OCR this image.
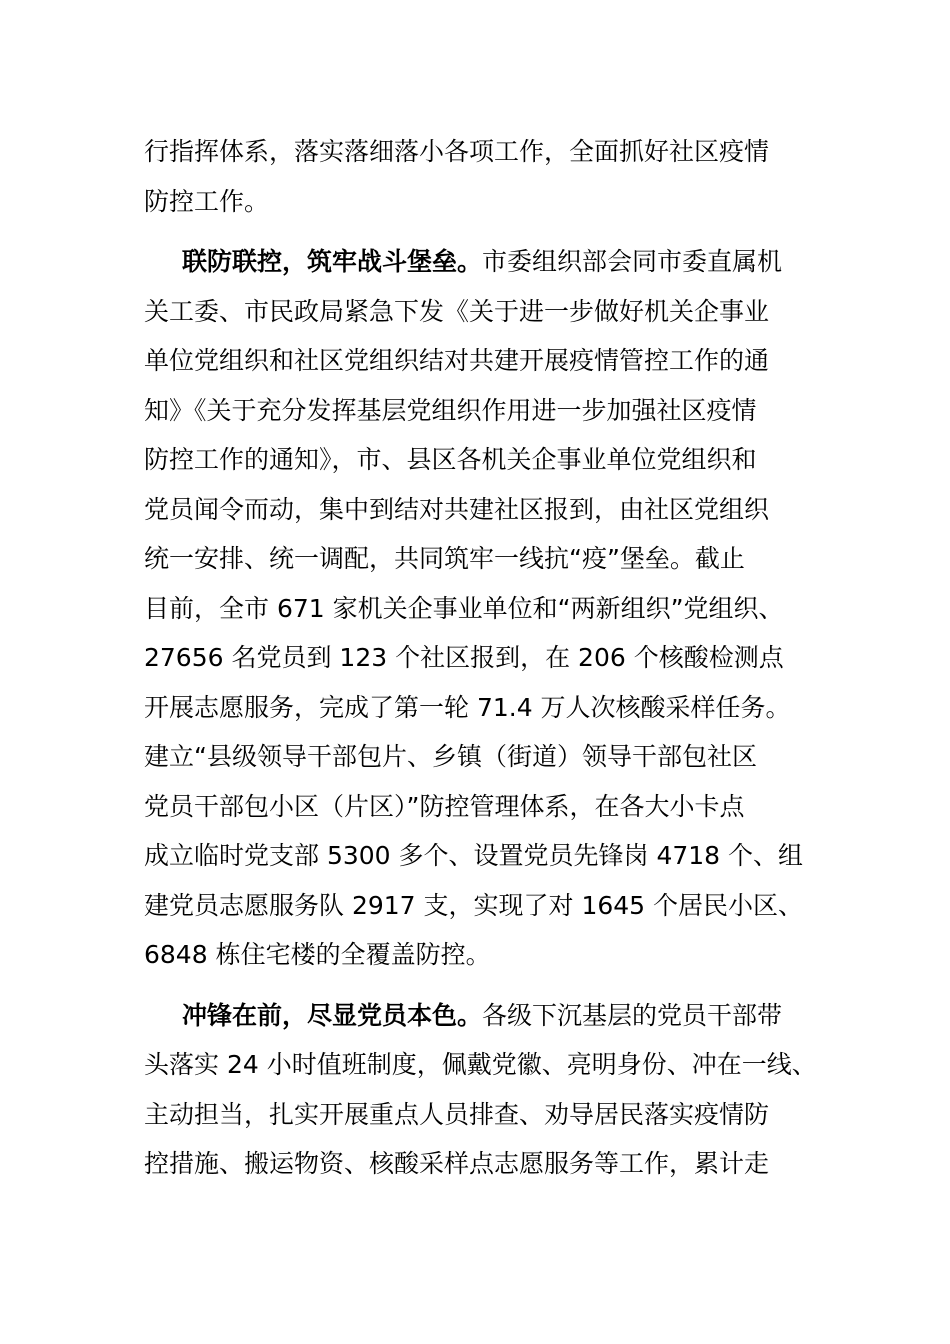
行指挥体系，落实落细落小各项工作，全面抓好社区疫情
防控工作。
联防联控，筑牢战斗堡垒。市委组织部会同市委直属机
关工委、市民政局紧急下发《关于进一步做好机关企事业
单位党组织和社区党组织结对共建开展疫情管控工作的通
知》《关于充分发挥基层党组织作用进一步加强社区疫情
防控工作的通知》，市、县区各机关企事业单位党组织和
党员闻令而动，集中到结对共建社区报到，由社区党组织
统一安排、统一调配，共同筑牢一线抗“疫”堡垒。截止
目前，全市 671 家机关企事业单位和“两新组织”党组织、
27656 名党员到 123 个社区报到，在 206 个核酸检测点
开展志愿服务，完成了第一轮 71.4 万人次核酸采样任务。
建立“县级领导干部包片、乡镇（街道）领导干部包社区
党员干部包小区（片区）”防控管理体系，在各大小卡点
成立临时党支部 5300 多个、设置党员先锋岗 4718 个、组
建党员志愿服务队 2917 支，实现了对 1645 个居民小区、
6848 栋住宅楼的全覆盖防控。
冲锋在前，尽显党员本色。各级下沉基层的党员干部带
头落实 24 小时值班制度，佩戴党徽、亮明身份、冲在一线、
主动担当，扎实开展重点人员排查、劝导居民落实疫情防
控措施、搬运物资、核酸采样点志愿服务等工作，累计走
